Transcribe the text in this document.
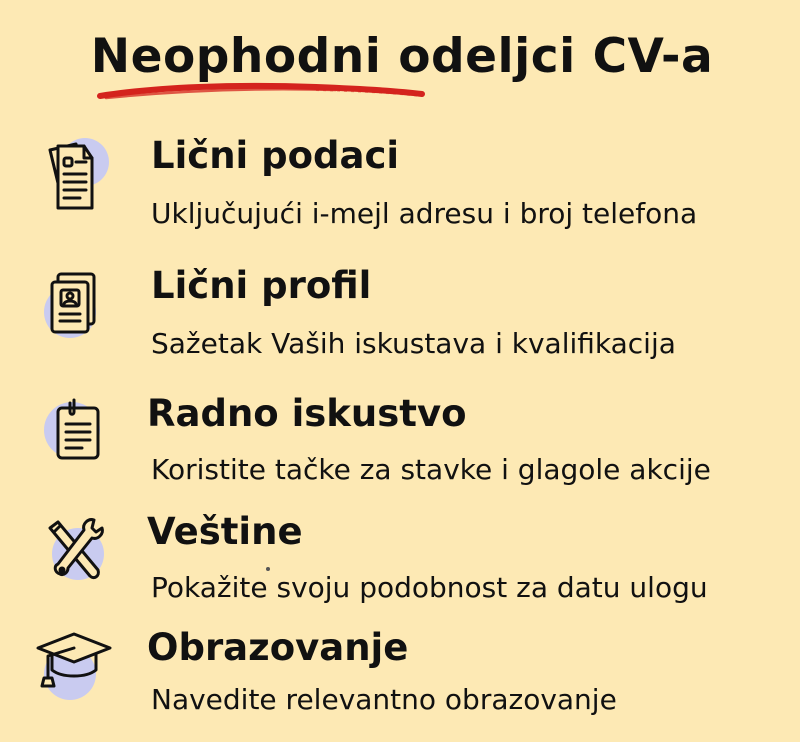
Neophodni odeljci CV-a
Lični podaci
Uključujući i-mejl adresu i broj telefona
Lični profil
Sažetak Vaših iskustava i kvalifikacija
Radno iskustvo
Koristite tačke za stavke i glagole akcije
Veštine
Pokažite svoju podobnost za datu ulogu
Obrazovanje
Navedite relevantno obrazovanje
